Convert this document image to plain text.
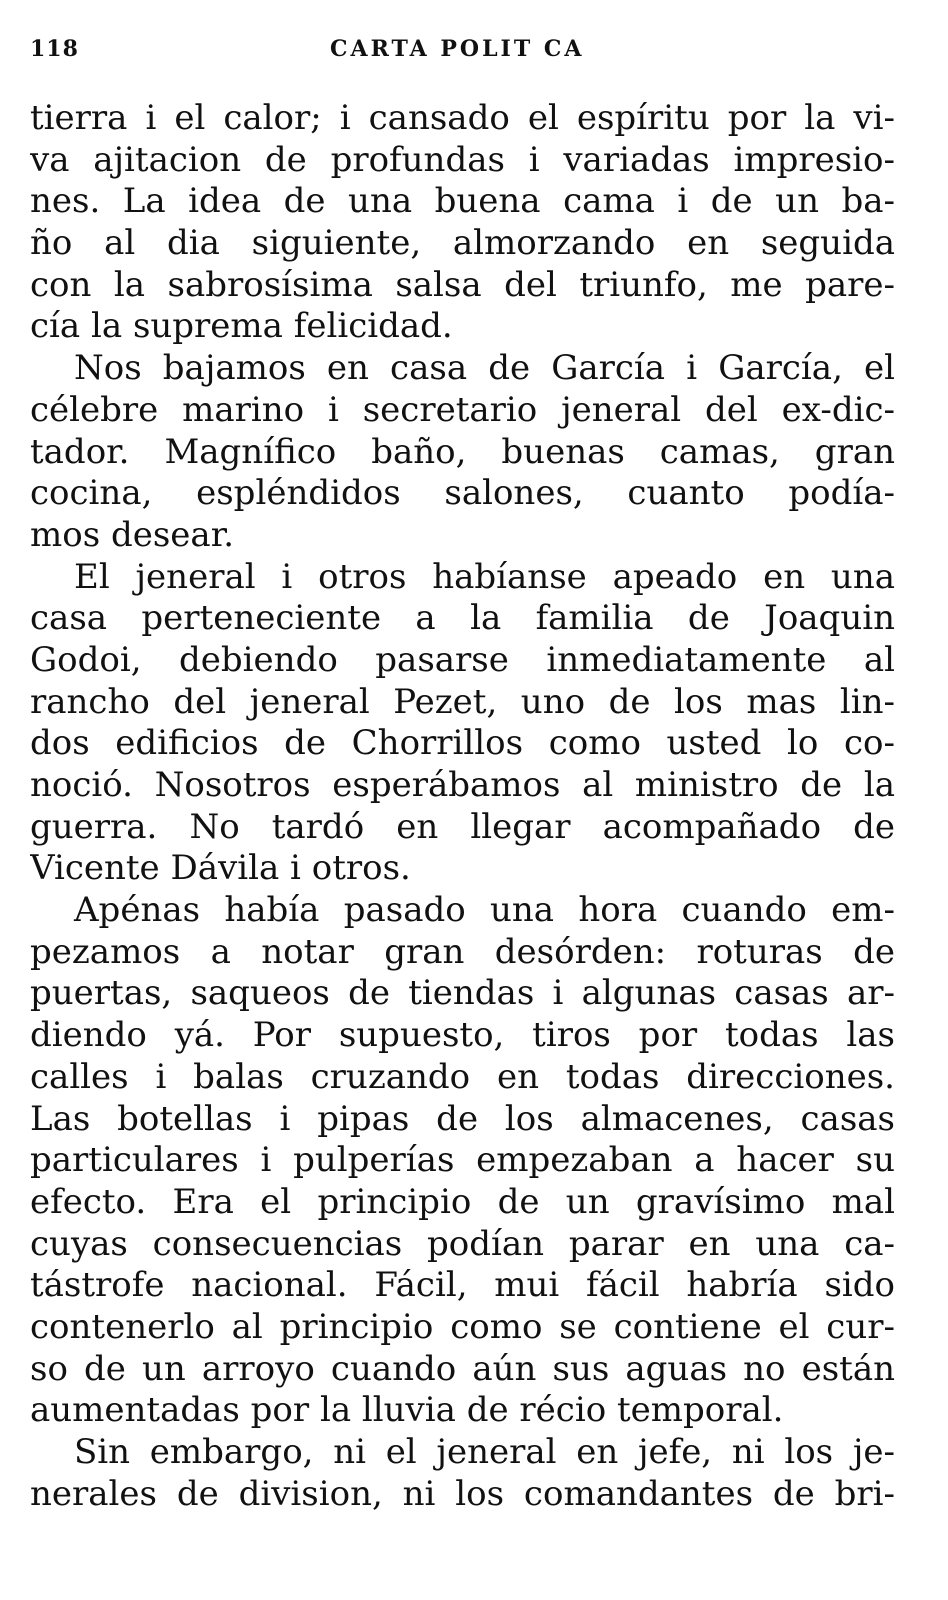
118	CARTA POLIT CA
tierra i el calor; i cansado el espíritu por la vi-
va ajitacion de profundas i variadas impresio-
nes. La idea de una buena cama i de un ba-
ño al dia siguiente, almorzando en seguida
con la sabrosísima salsa del triunfo, me pare-
cía la suprema felicidad.
Nos bajamos en casa de García i García, el
célebre marino i secretario jeneral del ex-dic-
tador. Magnífico baño, buenas camas, gran
cocina, espléndidos salones, cuanto podía-
mos desear.
El jeneral i otros habíanse apeado en una
casa perteneciente a la familia de Joaquin
Godoi, debiendo pasarse inmediatamente al
rancho del jeneral Pezet, uno de los mas lin-
dos edificios de Chorrillos como usted lo co-
noció. Nosotros esperábamos al ministro de la
guerra. No tardó en llegar acompañado de
Vicente Dávila i otros.
Apénas había pasado una hora cuando em-
pezamos a notar gran desórden: roturas de
puertas, saqueos de tiendas i algunas casas ar-
diendo yá. Por supuesto, tiros por todas las
calles i balas cruzando en todas direcciones.
Las botellas i pipas de los almacenes, casas
particulares i pulperías empezaban a hacer su
efecto. Era el principio de un gravísimo mal
cuyas consecuencias podían parar en una ca-
tástrofe nacional. Fácil, mui fácil habría sido
contenerlo al principio como se contiene el cur-
so de un arroyo cuando aún sus aguas no están
aumentadas por la lluvia de récio temporal.
Sin embargo, ni el jeneral en jefe, ni los je-
nerales de division, ni los comandantes de bri-
